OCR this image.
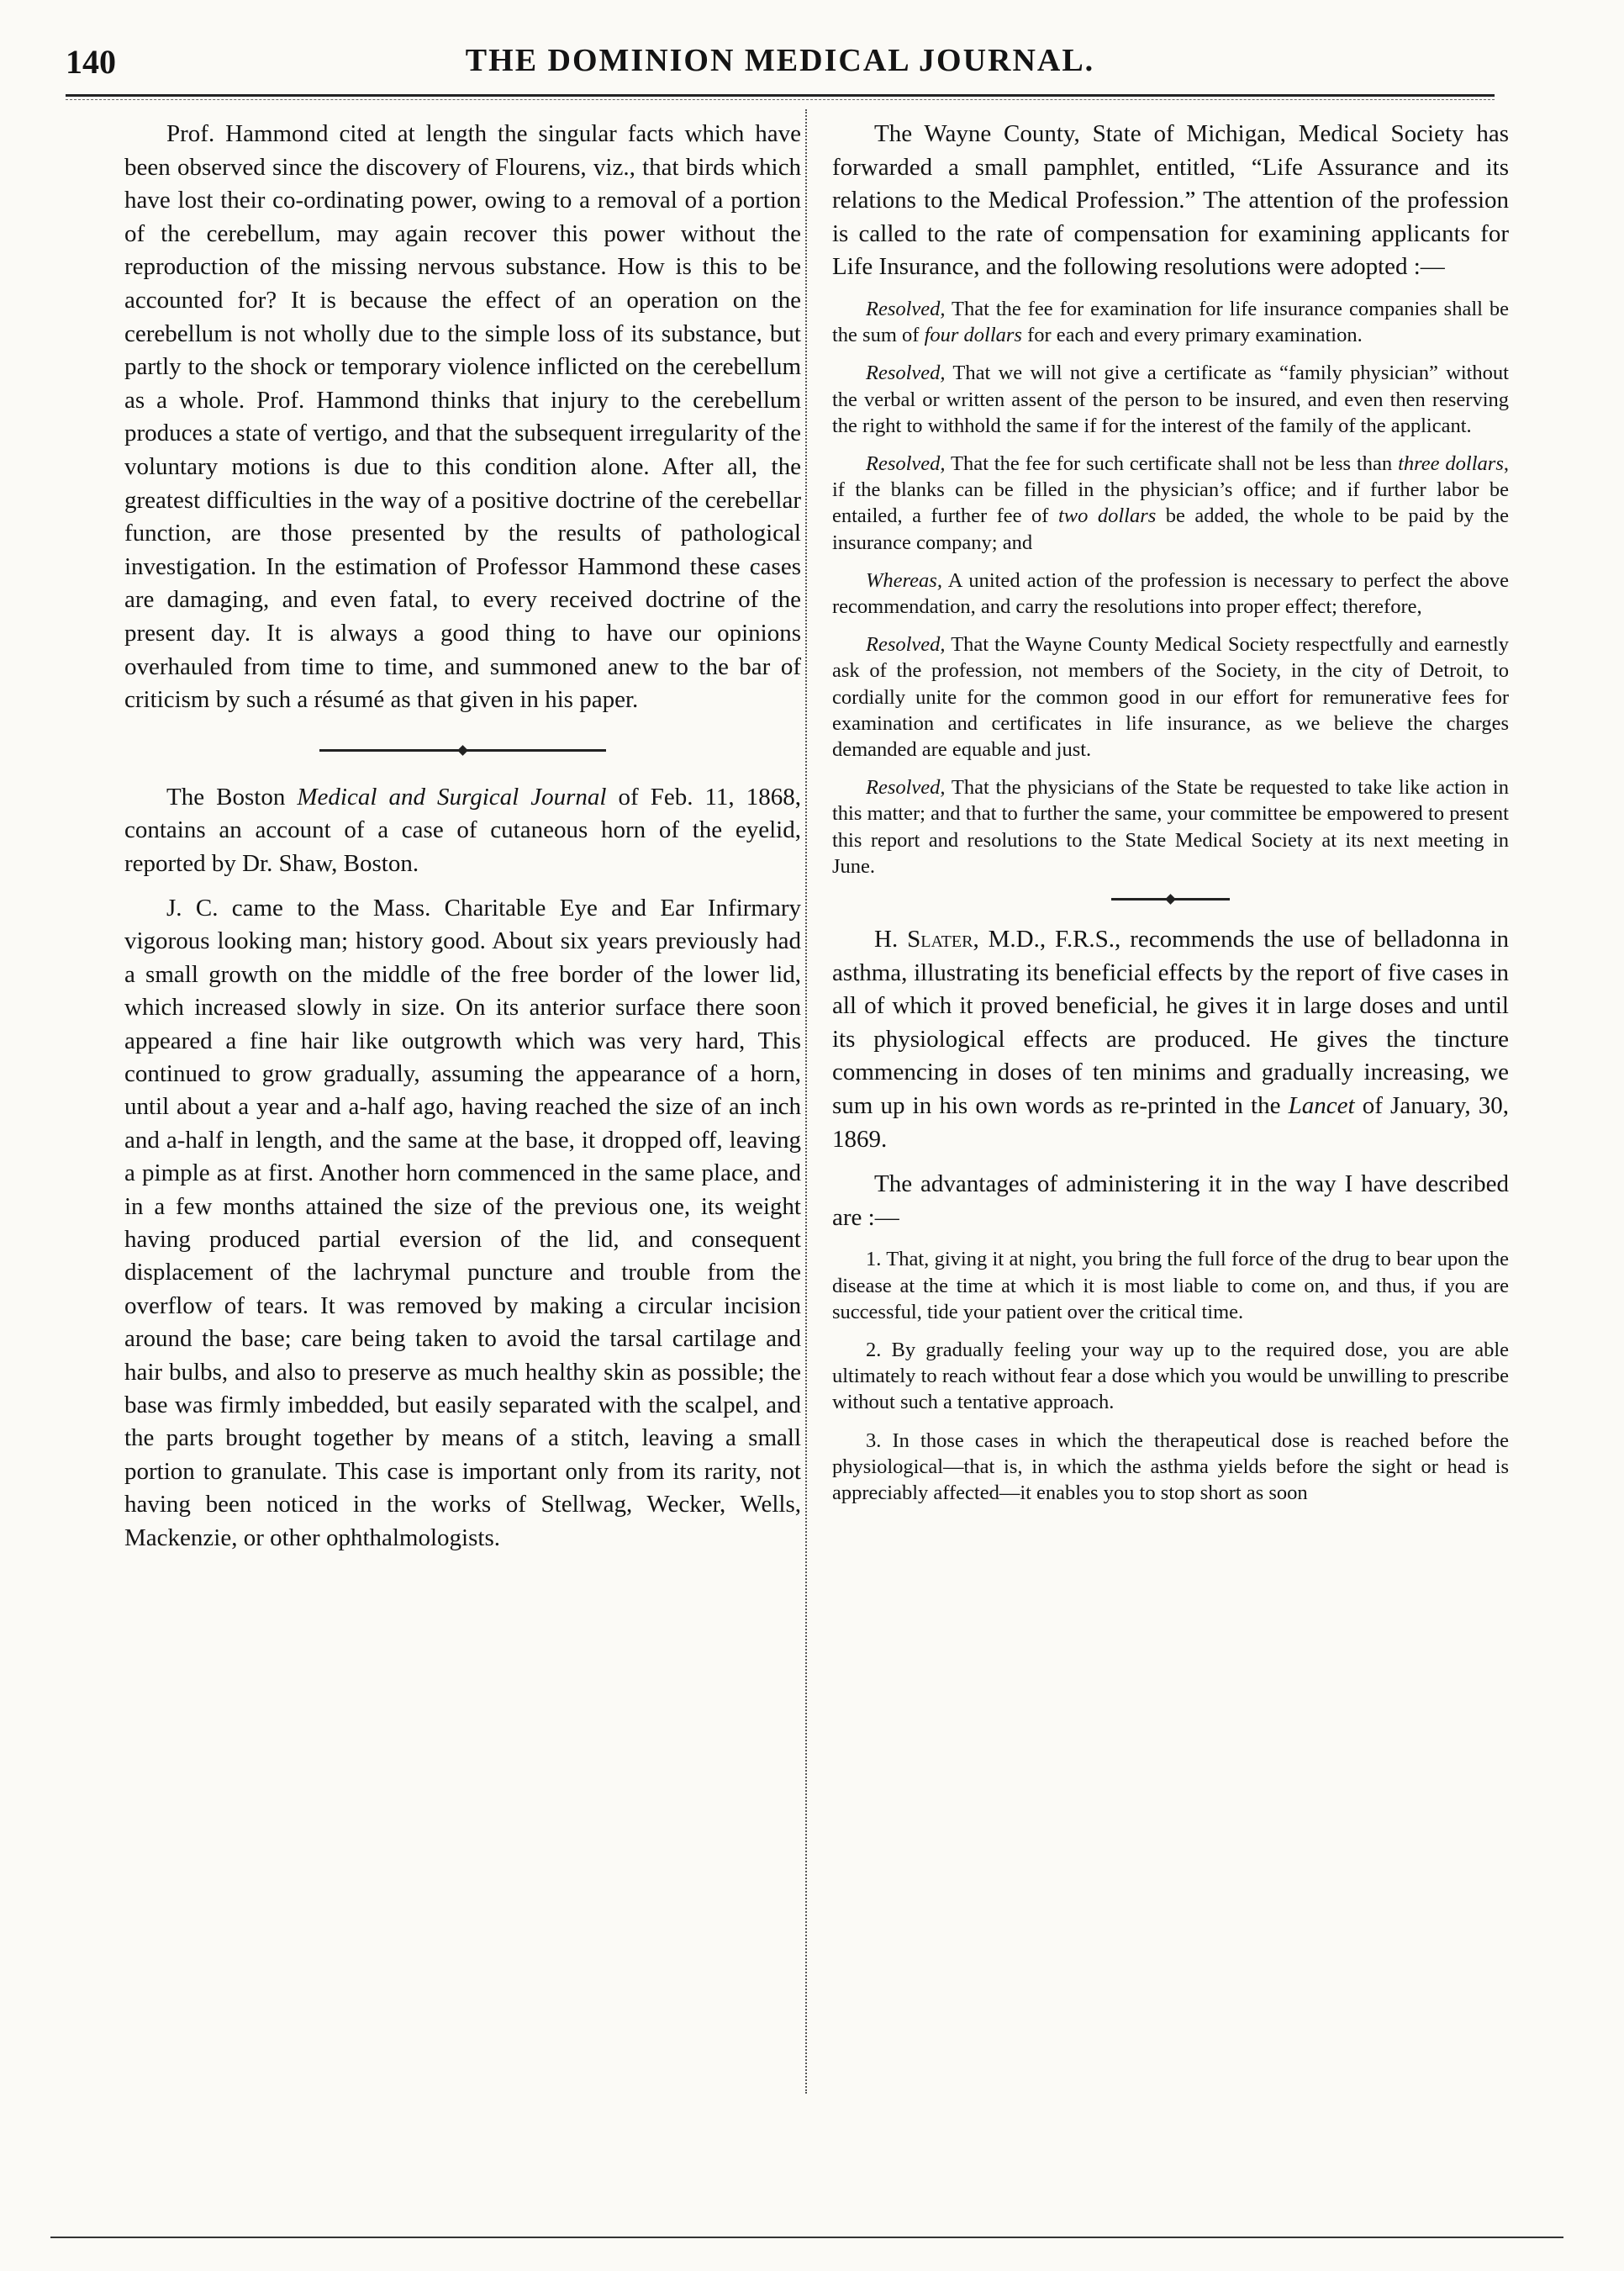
140	THE DOMINION MEDICAL JOURNAL.

Prof. Hammond cited at length the singular facts which have been observed since the discovery of Flourens, viz., that birds which have lost their co-ordinating power, owing to a removal of a portion of the cerebellum, may again recover this power without the reproduction of the missing nervous substance. How is this to be accounted for? It is because the effect of an operation on the cerebellum is not wholly due to the simple loss of its substance, but partly to the shock or temporary violence inflicted on the cerebellum as a whole. Prof. Hammond thinks that injury to the cerebellum produces a state of vertigo, and that the subsequent irregularity of the voluntary motions is due to this condition alone. After all, the greatest difficulties in the way of a positive doctrine of the cerebellar function, are those presented by the results of pathological investigation. In the estimation of Professor Hammond these cases are damaging, and even fatal, to every received doctrine of the present day. It is always a good thing to have our opinions overhauled from time to time, and summoned anew to the bar of criticism by such a résumé as that given in his paper.

The Boston Medical and Surgical Journal of Feb. 11, 1868, contains an account of a case of cutaneous horn of the eyelid, reported by Dr. Shaw, Boston.

J. C. came to the Mass. Charitable Eye and Ear Infirmary vigorous looking man; history good. About six years previously had a small growth on the middle of the free border of the lower lid, which increased slowly in size. On its anterior surface there soon appeared a fine hair like outgrowth which was very hard, This continued to grow gradually, assuming the appearance of a horn, until about a year and a-half ago, having reached the size of an inch and a-half in length, and the same at the base, it dropped off, leaving a pimple as at first. Another horn commenced in the same place, and in a few months attained the size of the previous one, its weight having produced partial eversion of the lid, and consequent displacement of the lachrymal puncture and trouble from the overflow of tears. It was removed by making a circular incision around the base; care being taken to avoid the tarsal cartilage and hair bulbs, and also to preserve as much healthy skin as possible; the base was firmly imbedded, but easily separated with the scalpel, and the parts brought together by means of a stitch, leaving a small portion to granulate. This case is important only from its rarity, not having been noticed in the works of Stellwag, Wecker, Wells, Mackenzie, or other ophthalmologists.

The Wayne County, State of Michigan, Medical Society has forwarded a small pamphlet, entitled, “Life Assurance and its relations to the Medical Profession.” The attention of the profession is called to the rate of compensation for examining applicants for Life Insurance, and the following resolutions were adopted :—

Resolved, That the fee for examination for life insurance companies shall be the sum of four dollars for each and every primary examination.

Resolved, That we will not give a certificate as “family physician” without the verbal or written assent of the person to be insured, and even then reserving the right to withhold the same if for the interest of the family of the applicant.

Resolved, That the fee for such certificate shall not be less than three dollars, if the blanks can be filled in the physician’s office; and if further labor be entailed, a further fee of two dollars be added, the whole to be paid by the insurance company; and

Whereas, A united action of the profession is necessary to perfect the above recommendation, and carry the resolutions into proper effect; therefore,

Resolved, That the Wayne County Medical Society respectfully and earnestly ask of the profession, not members of the Society, in the city of Detroit, to cordially unite for the common good in our effort for remunerative fees for examination and certificates in life insurance, as we believe the charges demanded are equable and just.

Resolved, That the physicians of the State be requested to take like action in this matter; and that to further the same, your committee be empowered to present this report and resolutions to the State Medical Society at its next meeting in June.

H. Slater, M.D., F.R.S., recommends the use of belladonna in asthma, illustrating its beneficial effects by the report of five cases in all of which it proved beneficial, he gives it in large doses and until its physiological effects are produced. He gives the tincture commencing in doses of ten minims and gradually increasing, we sum up in his own words as re-printed in the Lancet of January, 30, 1869.

The advantages of administering it in the way I have described are :—

1. That, giving it at night, you bring the full force of the drug to bear upon the disease at the time at which it is most liable to come on, and thus, if you are successful, tide your patient over the critical time.

2. By gradually feeling your way up to the required dose, you are able ultimately to reach without fear a dose which you would be unwilling to prescribe without such a tentative approach.

3. In those cases in which the therapeutical dose is reached before the physiological—that is, in which the asthma yields before the sight or head is appreciably affected—it enables you to stop short as soon
